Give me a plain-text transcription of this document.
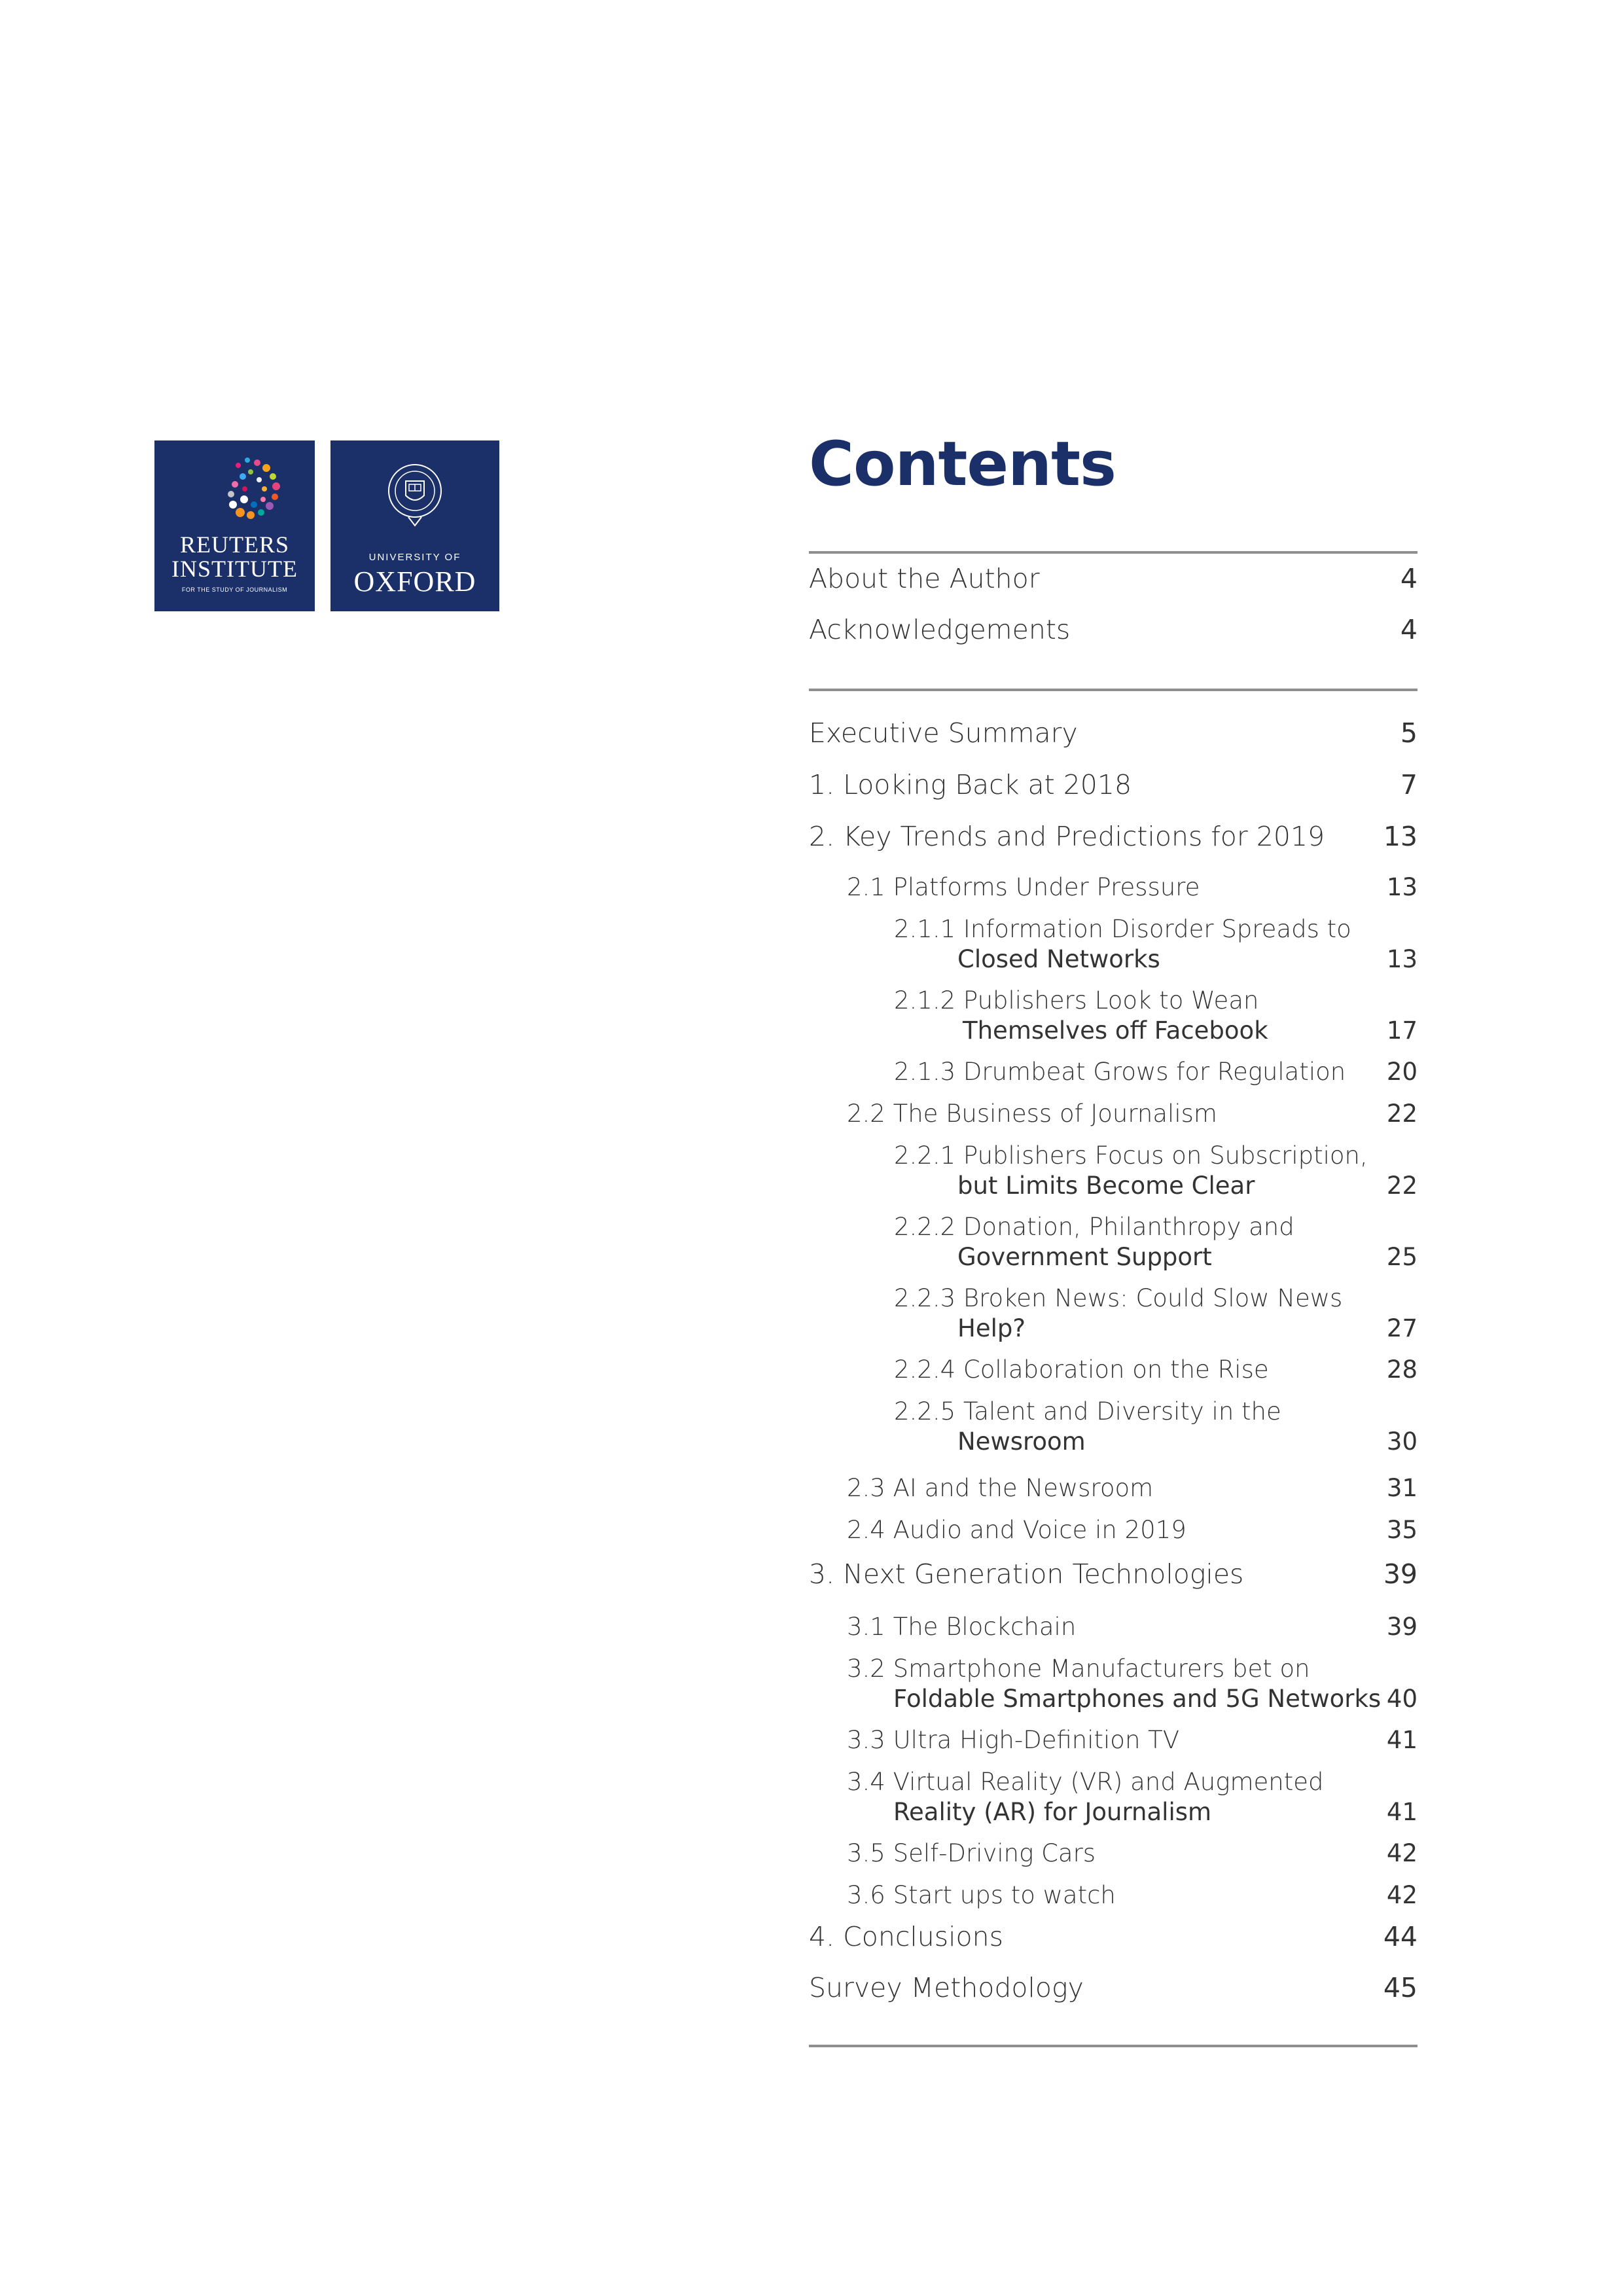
REUTERS
INSTITUTE
FOR THE STUDY OF JOURNALISM
UNIVERSITY OF
OXFORD
Contents
About the Author	4
Acknowledgements	4
Executive Summary	5
1. Looking Back at 2018	7
2. Key Trends and Predictions for 2019 13
2.1 Platforms Under Pressure	13
2.1.1 Information Disorder Spreads to
Closed Networks	13
2.1.2 Publishers Look to Wean
Themselves off Facebook	17
2.1.3 Drumbeat Grows for Regulation 20
2.2 The Business of Journalism	22
2.2.1 Publishers Focus on Subscription,
but Limits Become Clear	22
2.2.2 Donation, Philanthropy and
Government Support	25
2.2.3 Broken News: Could Slow News
Help?	27
2.2.4 Collaboration on the Rise	28
2.2.5 Talent and Diversity in the
Newsroom	30
2.3 AI and the Newsroom	31
2.4 Audio and Voice in 2019	35
3. Next Generation Technologies	39
3.1 The Blockchain	39
3.2 Smartphone Manufacturers bet on
Foldable Smartphones and 5G Networks 40
3.3 Ultra High-Definition TV	41
3.4 Virtual Reality (VR) and Augmented
Reality (AR) for Journalism	41
3.5 Self-Driving Cars	42
3.6 Start ups to watch	42
4. Conclusions	44
Survey Methodology	45
